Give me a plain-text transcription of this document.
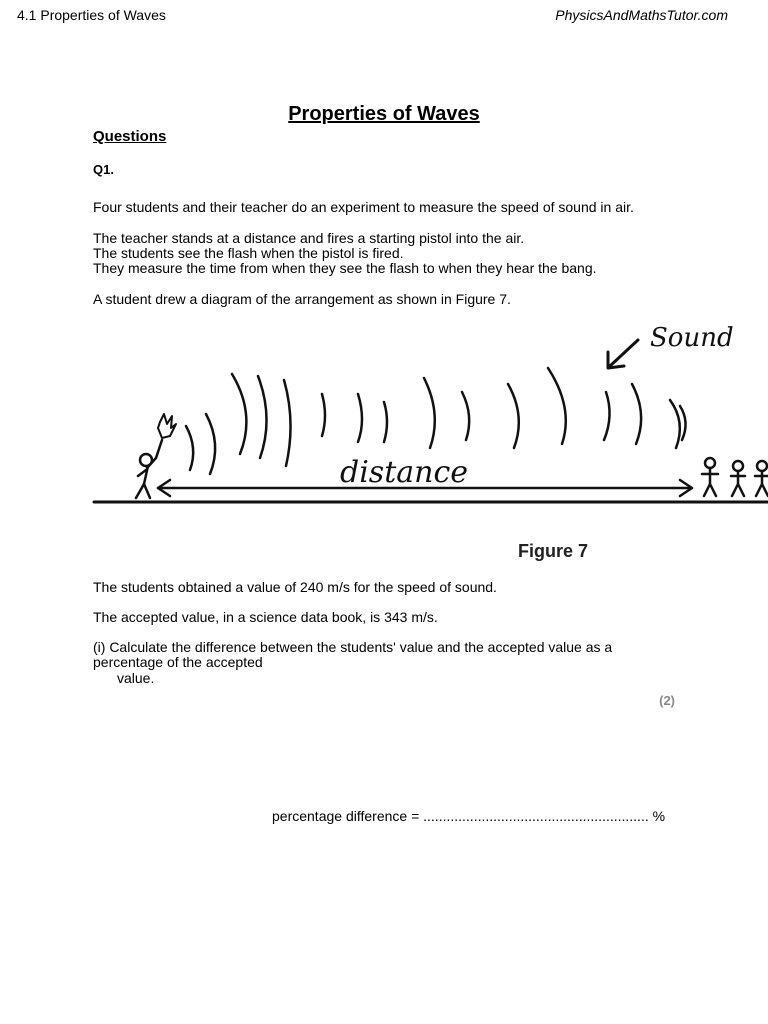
4.1 Properties of Waves	PhysicsAndMathsTutor.com
Properties of Waves
Questions
Q1.
Four students and their teacher do an experiment to measure the speed of sound in air.
The teacher stands at a distance and fires a starting pistol into the air.
The students see the flash when the pistol is fired.
They measure the time from when they see the flash to when they hear the bang.
A student drew a diagram of the arrangement as shown in Figure 7.
Sound
distance
Figure 7
The students obtained a value of 240 m/s for the speed of sound.
The accepted value, in a science data book, is 343 m/s.
(i) Calculate the difference between the students' value and the accepted value as a
percentage of the accepted
value.
(2)
percentage difference = .......................................................... %
